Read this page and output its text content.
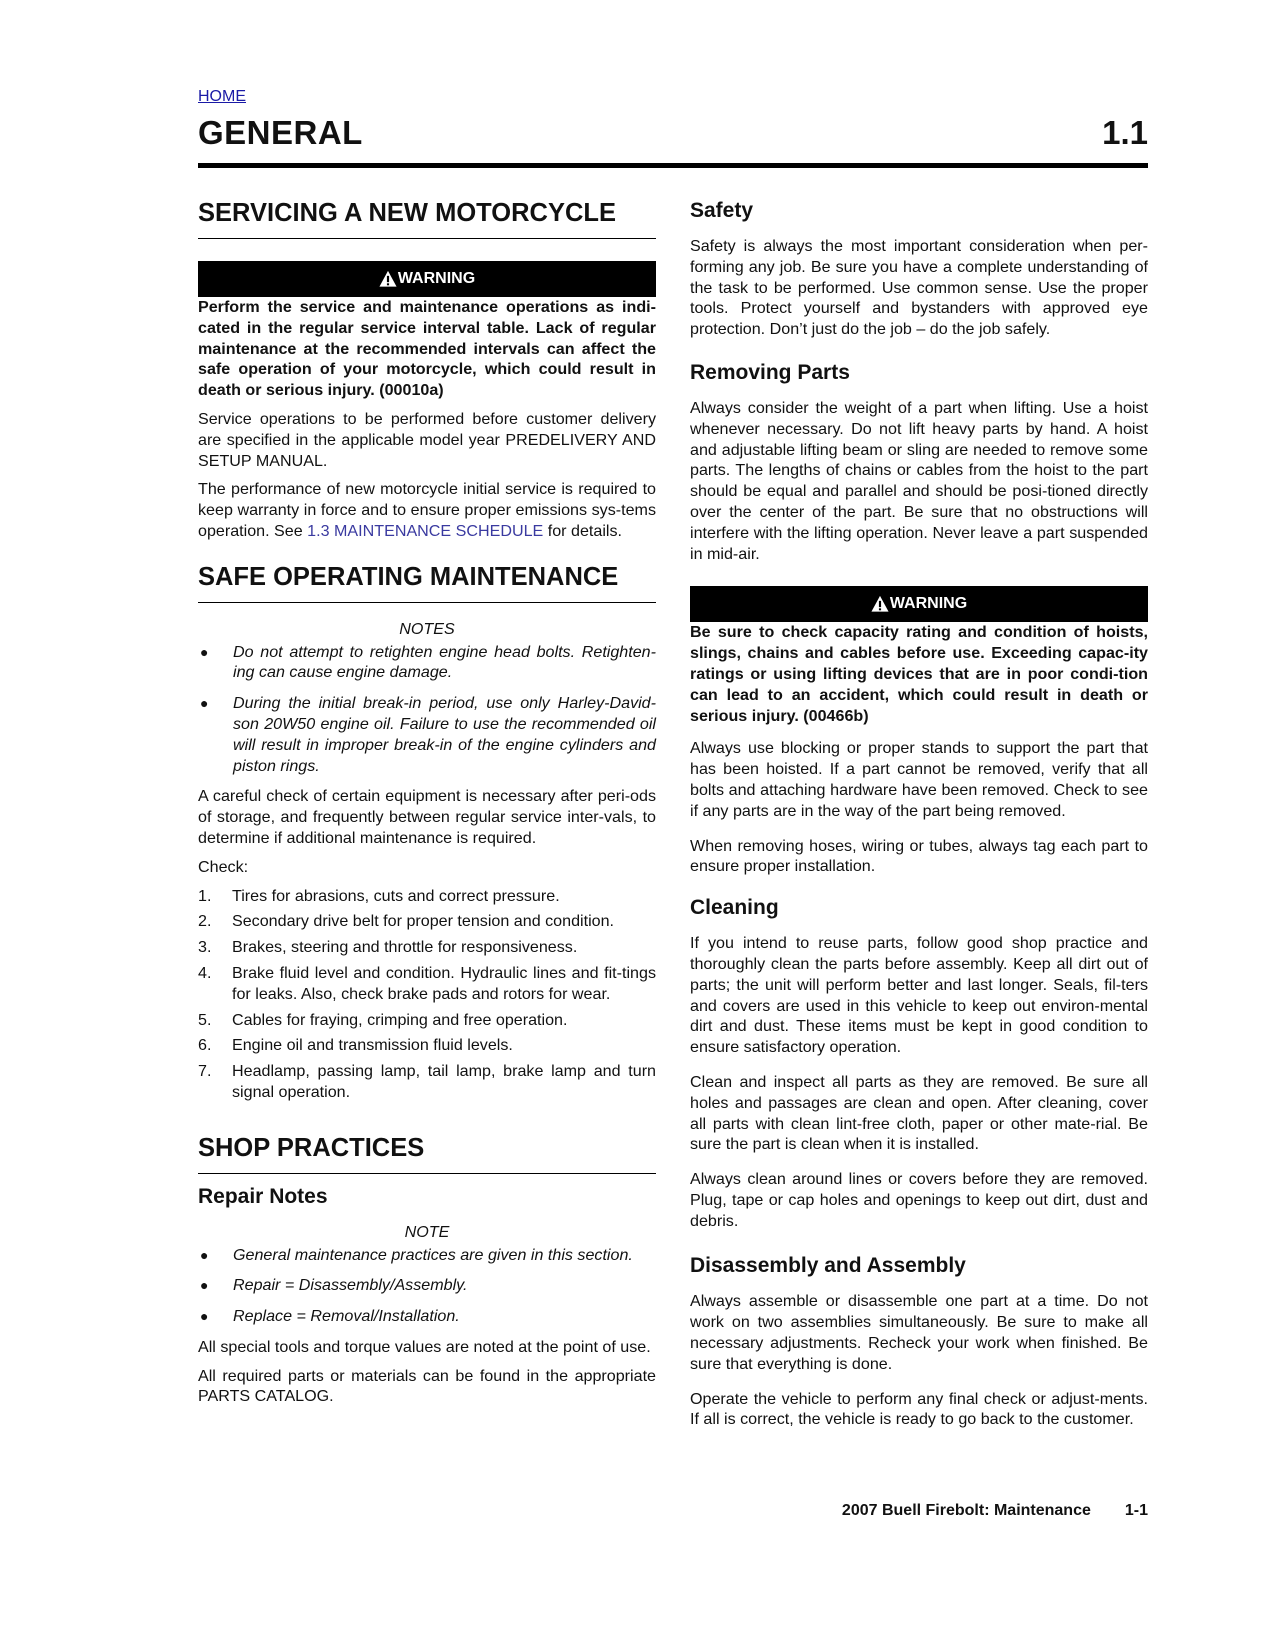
HOME
GENERAL	1.1
SERVICING A NEW MOTORCYCLE
WARNING

Perform the service and maintenance operations as indi-cated in the regular service interval table. Lack of regular maintenance at the recommended intervals can affect the safe operation of your motorcycle, which could result in death or serious injury. (00010a)

Service operations to be performed before customer delivery are specified in the applicable model year PREDELIVERY AND SETUP MANUAL.

The performance of new motorcycle initial service is required to keep warranty in force and to ensure proper emissions sys-tems operation. See 1.3 MAINTENANCE SCHEDULE for details.

SAFE OPERATING MAINTENANCE
NOTES
● Do not attempt to retighten engine head bolts. Retighten-ing can cause engine damage.
● During the initial break-in period, use only Harley-David-son 20W50 engine oil. Failure to use the recommended oil will result in improper break-in of the engine cylinders and piston rings.

A careful check of certain equipment is necessary after peri-ods of storage, and frequently between regular service inter-vals, to determine if additional maintenance is required.

Check:

1. Tires for abrasions, cuts and correct pressure.
2. Secondary drive belt for proper tension and condition.
3. Brakes, steering and throttle for responsiveness.
4. Brake fluid level and condition. Hydraulic lines and fit-tings for leaks. Also, check brake pads and rotors for wear.
5. Cables for fraying, crimping and free operation.
6. Engine oil and transmission fluid levels.
7. Headlamp, passing lamp, tail lamp, brake lamp and turn signal operation.
SHOP PRACTICES
Repair Notes
NOTE
● General maintenance practices are given in this section.
● Repair = Disassembly/Assembly.
● Replace = Removal/Installation.

All special tools and torque values are noted at the point of use.

All required parts or materials can be found in the appropriate PARTS CATALOG.

Safety

Safety is always the most important consideration when per-forming any job. Be sure you have a complete understanding of the task to be performed. Use common sense. Use the proper tools. Protect yourself and bystanders with approved eye protection. Don’t just do the job – do the job safely.

Removing Parts

Always consider the weight of a part when lifting. Use a hoist whenever necessary. Do not lift heavy parts by hand. A hoist and adjustable lifting beam or sling are needed to remove some parts. The lengths of chains or cables from the hoist to the part should be equal and parallel and should be posi-tioned directly over the center of the part. Be sure that no obstructions will interfere with the lifting operation. Never leave a part suspended in mid-air.

WARNING

Be sure to check capacity rating and condition of hoists, slings, chains and cables before use. Exceeding capac-ity ratings or using lifting devices that are in poor condi-tion can lead to an accident, which could result in death or serious injury. (00466b)

Always use blocking or proper stands to support the part that has been hoisted. If a part cannot be removed, verify that all bolts and attaching hardware have been removed. Check to see if any parts are in the way of the part being removed.

When removing hoses, wiring or tubes, always tag each part to ensure proper installation.

Cleaning

If you intend to reuse parts, follow good shop practice and thoroughly clean the parts before assembly. Keep all dirt out of parts; the unit will perform better and last longer. Seals, fil-ters and covers are used in this vehicle to keep out environ-mental dirt and dust. These items must be kept in good condition to ensure satisfactory operation.

Clean and inspect all parts as they are removed. Be sure all holes and passages are clean and open. After cleaning, cover all parts with clean lint-free cloth, paper or other mate-rial. Be sure the part is clean when it is installed.

Always clean around lines or covers before they are removed. Plug, tape or cap holes and openings to keep out dirt, dust and debris.

Disassembly and Assembly

Always assemble or disassemble one part at a time. Do not work on two assemblies simultaneously. Be sure to make all necessary adjustments. Recheck your work when finished. Be sure that everything is done.

Operate the vehicle to perform any final check or adjust-ments. If all is correct, the vehicle is ready to go back to the customer.

2007 Buell Firebolt: Maintenance 1-1
